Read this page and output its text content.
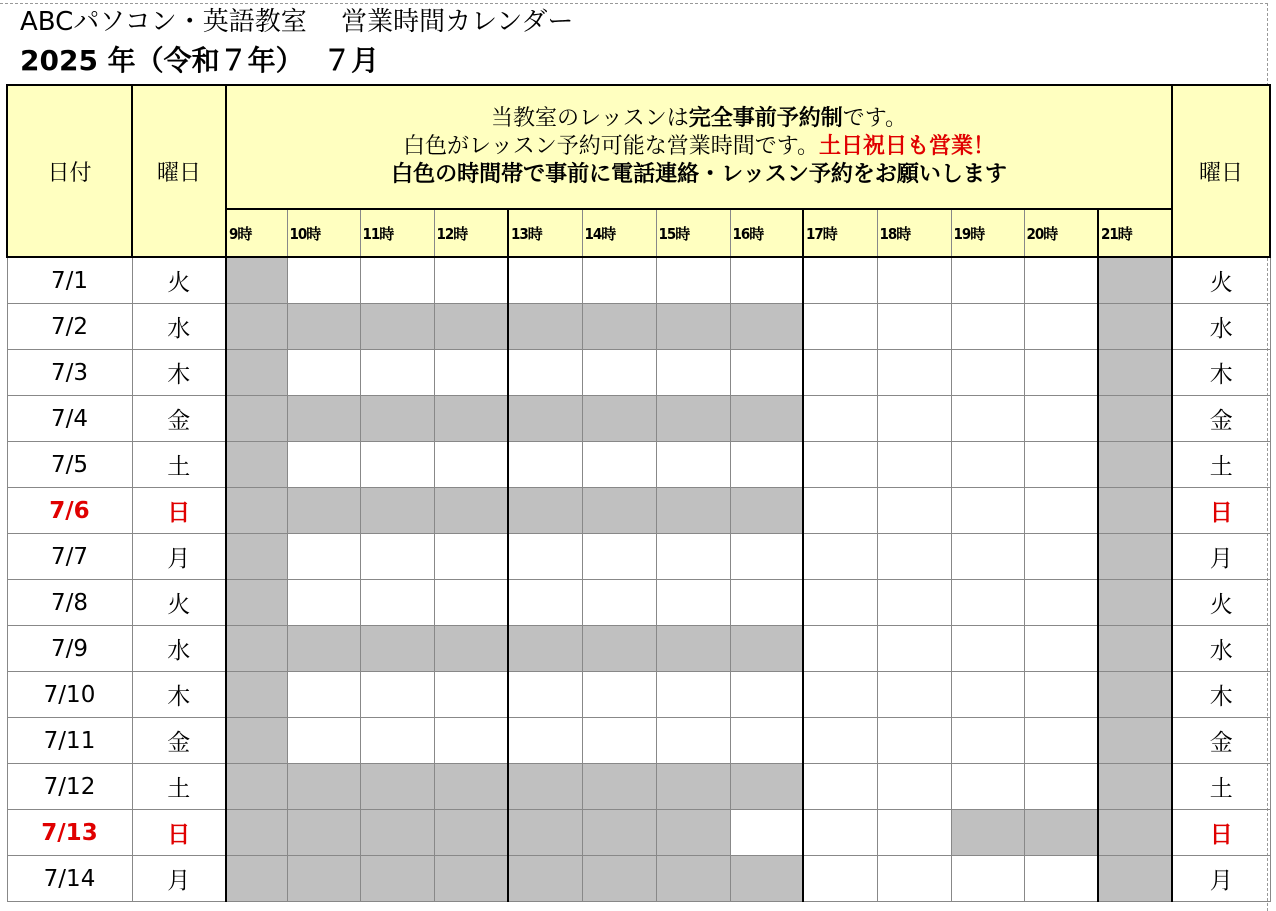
ABCパソコン・英語教室　 営業時間カレンダー
2025 年（令和７年）  ７月
日付	曜日	当教室のレッスンは完全事前予約制です。
白色がレッスン予約可能な営業時間です。土日祝日も営業！
白色の時間帯で事前に電話連絡・レッスン予約をお願いします													曜日
		9時	10時	11時	12時	13時	14時	15時	16時	17時	18時	19時	20時	21時	
7/1	火														火
7/2	水														水
7/3	木														木
7/4	金														金
7/5	土														土
7/6	日														日
7/7	月														月
7/8	火														火
7/9	水														水
7/10	木														木
7/11	金														金
7/12	土														土
7/13	日														日
7/14	月														月
